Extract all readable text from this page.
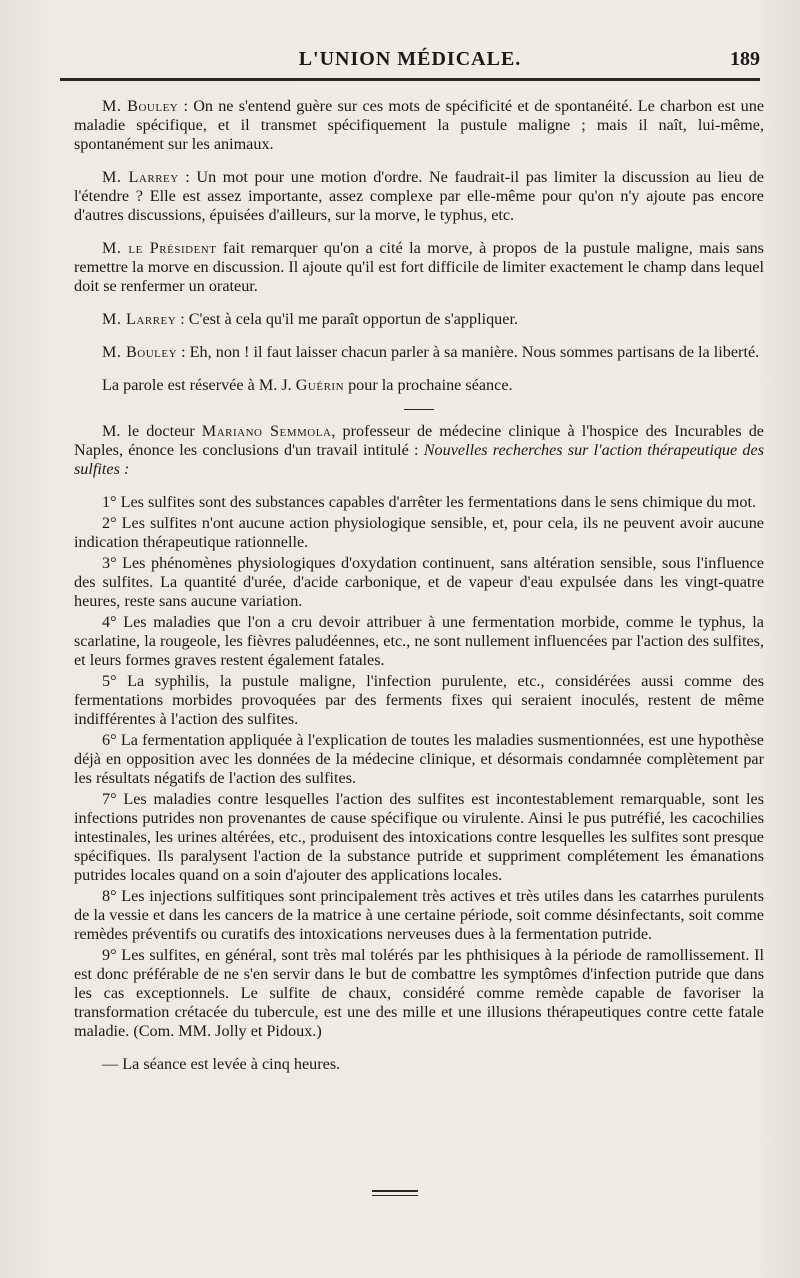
L'UNION MÉDICALE.	189

M. Bouley : On ne s'entend guère sur ces mots de spécificité et de spontanéité. Le charbon est une maladie spécifique, et il transmet spécifiquement la pustule maligne ; mais il naît, lui-même, spontanément sur les animaux.

M. Larrey : Un mot pour une motion d'ordre. Ne faudrait-il pas limiter la discussion au lieu de l'étendre ? Elle est assez importante, assez complexe par elle-même pour qu'on n'y ajoute pas encore d'autres discussions, épuisées d'ailleurs, sur la morve, le typhus, etc.

M. le Président fait remarquer qu'on a cité la morve, à propos de la pustule maligne, mais sans remettre la morve en discussion. Il ajoute qu'il est fort difficile de limiter exactement le champ dans lequel doit se renfermer un orateur.

M. Larrey : C'est à cela qu'il me paraît opportun de s'appliquer.

M. Bouley : Eh, non ! il faut laisser chacun parler à sa manière. Nous sommes partisans de la liberté.

La parole est réservée à M. J. Guérin pour la prochaine séance.

M. le docteur Mariano Semmola, professeur de médecine clinique à l'hospice des Incurables de Naples, énonce les conclusions d'un travail intitulé : Nouvelles recherches sur l'action thérapeutique des sulfites :

1° Les sulfites sont des substances capables d'arrêter les fermentations dans le sens chimique du mot.

2° Les sulfites n'ont aucune action physiologique sensible, et, pour cela, ils ne peuvent avoir aucune indication thérapeutique rationnelle.

3° Les phénomènes physiologiques d'oxydation continuent, sans altération sensible, sous l'influence des sulfites. La quantité d'urée, d'acide carbonique, et de vapeur d'eau expulsée dans les vingt-quatre heures, reste sans aucune variation.

4° Les maladies que l'on a cru devoir attribuer à une fermentation morbide, comme le typhus, la scarlatine, la rougeole, les fièvres paludéennes, etc., ne sont nullement influencées par l'action des sulfites, et leurs formes graves restent également fatales.

5° La syphilis, la pustule maligne, l'infection purulente, etc., considérées aussi comme des fermentations morbides provoquées par des ferments fixes qui seraient inoculés, restent de même indifférentes à l'action des sulfites.

6° La fermentation appliquée à l'explication de toutes les maladies susmentionnées, est une hypothèse déjà en opposition avec les données de la médecine clinique, et désormais condamnée complètement par les résultats négatifs de l'action des sulfites.

7° Les maladies contre lesquelles l'action des sulfites est incontestablement remarquable, sont les infections putrides non provenantes de cause spécifique ou virulente. Ainsi le pus putréfié, les cacochilies intestinales, les urines altérées, etc., produisent des intoxications contre lesquelles les sulfites sont presque spécifiques. Ils paralysent l'action de la substance putride et suppriment complétement les émanations putrides locales quand on a soin d'ajouter des applications locales.

8° Les injections sulfitiques sont principalement très actives et très utiles dans les catarrhes purulents de la vessie et dans les cancers de la matrice à une certaine période, soit comme désinfectants, soit comme remèdes préventifs ou curatifs des intoxications nerveuses dues à la fermentation putride.

9° Les sulfites, en général, sont très mal tolérés par les phthisiques à la période de ramollissement. Il est donc préférable de ne s'en servir dans le but de combattre les symptômes d'infection putride que dans les cas exceptionnels. Le sulfite de chaux, considéré comme remède capable de favoriser la transformation crétacée du tubercule, est une des mille et une illusions thérapeutiques contre cette fatale maladie. (Com. MM. Jolly et Pidoux.)

— La séance est levée à cinq heures.
